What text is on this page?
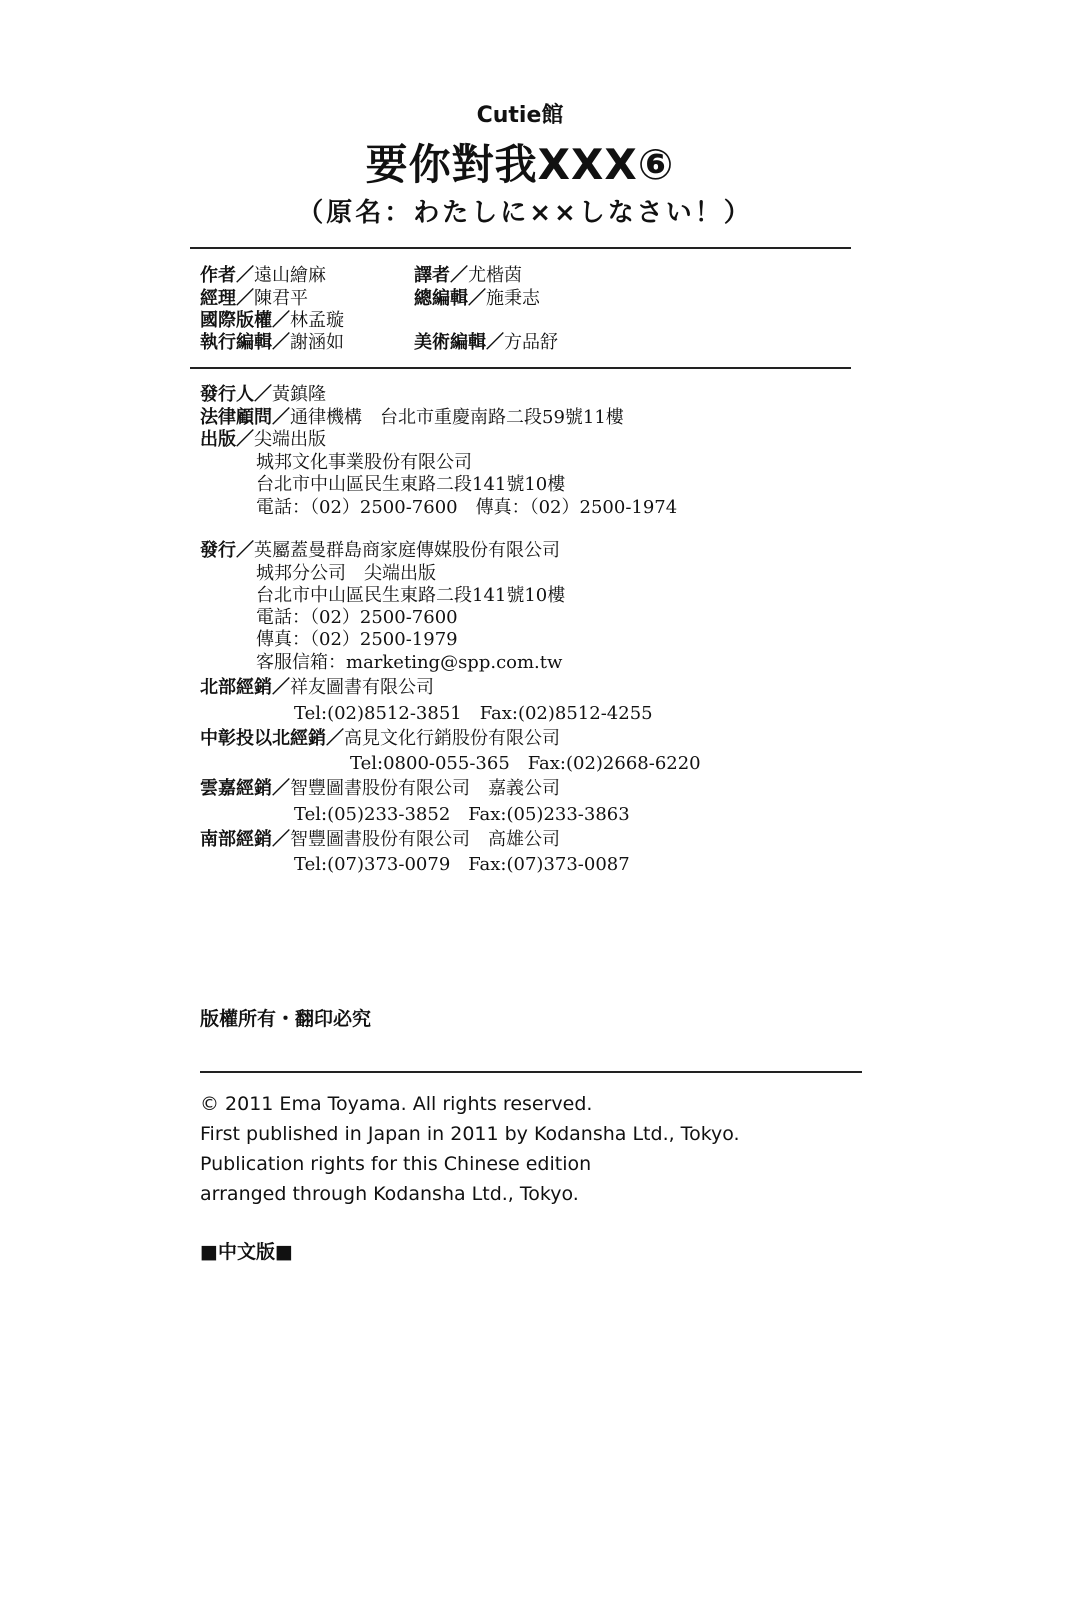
Cutie館
要你對我XXX⑥
（原名：わたしに××しなさい！）
作者／遠山繪麻	譯者／尤楷茵
經理／陳君平	總編輯／施秉志
國際版權／林孟璇
執行編輯／謝涵如	美術編輯／方品舒
發行人／黃鎮隆
法律顧問／通律機構　台北市重慶南路二段59號11樓
出版／尖端出版
城邦文化事業股份有限公司
台北市中山區民生東路二段141號10樓
電話：（02）2500-7600　傳真：（02）2500-1974
發行／英屬蓋曼群島商家庭傳媒股份有限公司
城邦分公司　尖端出版
台北市中山區民生東路二段141號10樓
電話：（02）2500-7600
傳真：（02）2500-1979
客服信箱：marketing@spp.com.tw
北部經銷／祥友圖書有限公司
Tel:(02)8512-3851　Fax:(02)8512-4255
中彰投以北經銷／高見文化行銷股份有限公司
Tel:0800-055-365　Fax:(02)2668-6220
雲嘉經銷／智豐圖書股份有限公司　嘉義公司
Tel:(05)233-3852　Fax:(05)233-3863
南部經銷／智豐圖書股份有限公司　高雄公司
Tel:(07)373-0079　Fax:(07)373-0087
版權所有・翻印必究
© 2011 Ema Toyama. All rights reserved.
First published in Japan in 2011 by Kodansha Ltd., Tokyo.
Publication rights for this Chinese edition
arranged through Kodansha Ltd., Tokyo.
■中文版■
